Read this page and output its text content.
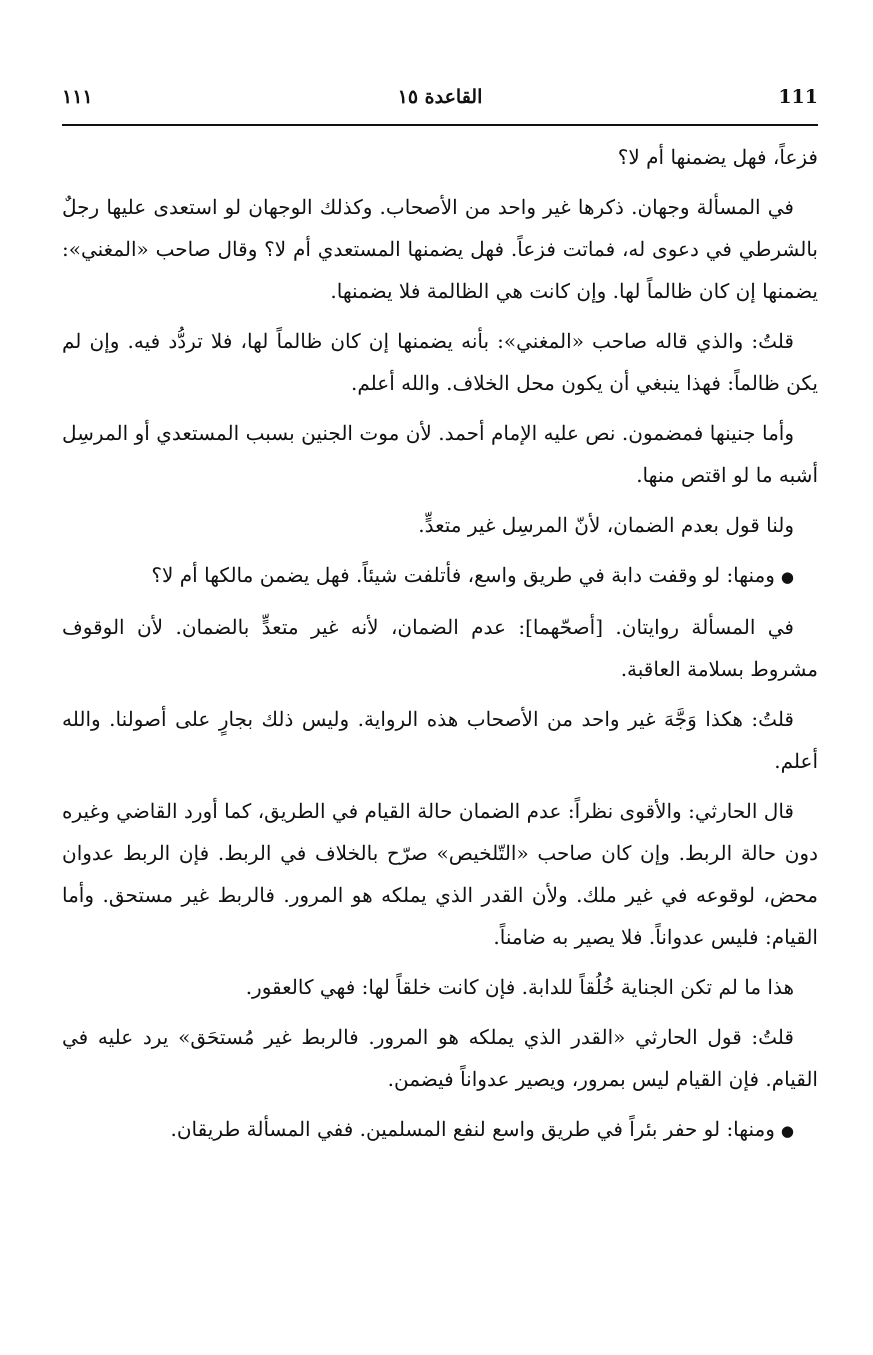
111
القاعدة ١٥
١١١

فزعاً، فهل يضمنها أم لا؟

في المسألة وجهان. ذكرها غير واحد من الأصحاب. وكذلك الوجهان لو استعدى عليها رجلٌ بالشرطي في دعوى له، فماتت فزعاً. فهل يضمنها المستعدي أم لا؟ وقال صاحب «المغني»: يضمنها إن كان ظالماً لها. وإن كانت هي الظالمة فلا يضمنها.

قلتُ: والذي قاله صاحب «المغني»: بأنه يضمنها إن كان ظالماً لها، فلا تردُّد فيه. وإن لم يكن ظالماً: فهذا ينبغي أن يكون محل الخلاف. والله أعلم.

وأما جنينها فمضمون. نص عليه الإمام أحمد. لأن موت الجنين بسبب المستعدي أو المرسِل أشبه ما لو اقتص منها.

ولنا قول بعدم الضمان، لأنّ المرسِل غير متعدٍّ.

●ومنها: لو وقفت دابة في طريق واسع، فأتلفت شيئاً. فهل يضمن مالكها أم لا؟

في المسألة روايتان. [أصحّهما]: عدم الضمان، لأنه غير متعدٍّ بالضمان. لأن الوقوف مشروط بسلامة العاقبة.

قلتُ: هكذا وَجَّهَ غير واحد من الأصحاب هذه الرواية. وليس ذلك بجارٍ على أصولنا. والله أعلم.

قال الحارثي: والأقوى نظراً: عدم الضمان حالة القيام في الطريق، كما أورد القاضي وغيره دون حالة الربط. وإن كان صاحب «التّلخيص» صرّح بالخلاف في الربط. فإن الربط عدوان محض، لوقوعه في غير ملك. ولأن القدر الذي يملكه هو المرور. فالربط غير مستحق. وأما القيام: فليس عدواناً. فلا يصير به ضامناً.

هذا ما لم تكن الجناية خُلُقاً للدابة. فإن كانت خلقاً لها: فهي كالعقور.

قلتُ: قول الحارثي «القدر الذي يملكه هو المرور. فالربط غير مُستحَق» يرد عليه في القيام. فإن القيام ليس بمرور، ويصير عدواناً فيضمن.

●ومنها: لو حفر بئراً في طريق واسع لنفع المسلمين. ففي المسألة طريقان.
